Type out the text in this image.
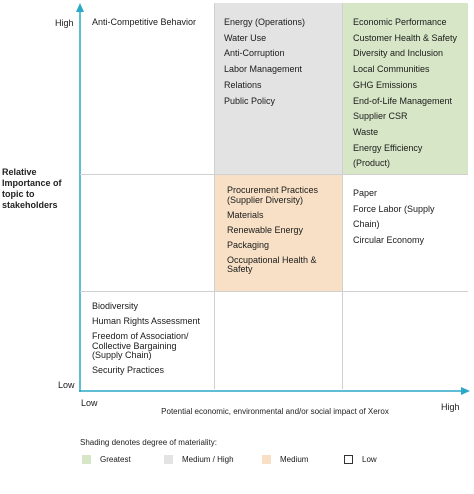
Relative Importance of topic to stakeholders
High
Low
Low	High
Potential economic, environmental and/or social impact of Xerox
Anti-Competitive Behavior	Energy (Operations)
Water Use
Anti-Corruption
Labor Management Relations
Public Policy
Economic Performance
Customer Health & Safety
Diversity and Inclusion
Local Communities
GHG Emissions
End-of-Life Management
Supplier CSR
Waste
Energy Efficiency (Product)
Procurement Practices (Supplier Diversity)
Materials
Renewable Energy
Packaging
Occupational Health & Safety
Paper
Force Labor (Supply Chain)
Circular Economy
Biodiversity
Human Rights Assessment
Freedom of Association/ Collective Bargaining (Supply Chain)
Security Practices
Shading denotes degree of materiality:
Greatest	Medium / High	Medium	Low
